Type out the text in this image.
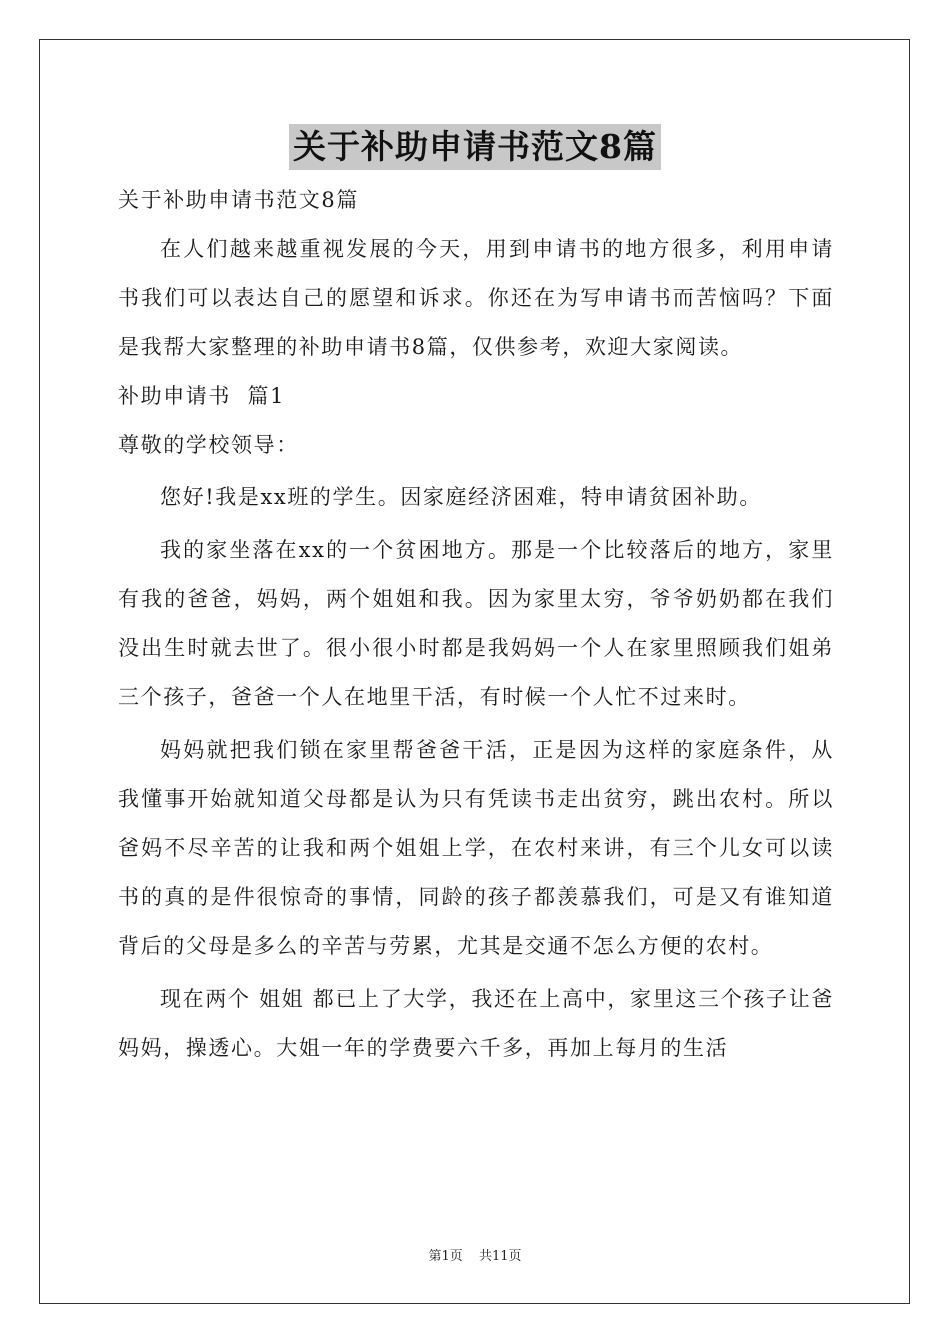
关于补助申请书范文8篇

关于补助申请书范文8篇

在人们越来越重视发展的今天，用到申请书的地方很多，利用申请书我们可以表达自己的愿望和诉求。你还在为写申请书而苦恼吗？下面是我帮大家整理的补助申请书8篇，仅供参考，欢迎大家阅读。

补助申请书  篇1

尊敬的学校领导：

您好!我是xx班的学生。因家庭经济困难，特申请贫困补助。

我的家坐落在xx的一个贫困地方。那是一个比较落后的地方，家里有我的爸爸，妈妈，两个姐姐和我。因为家里太穷，爷爷奶奶都在我们没出生时就去世了。很小很小时都是我妈妈一个人在家里照顾我们姐弟三个孩子，爸爸一个人在地里干活，有时候一个人忙不过来时。

妈妈就把我们锁在家里帮爸爸干活，正是因为这样的家庭条件，从我懂事开始就知道父母都是认为只有凭读书走出贫穷，跳出农村。所以爸妈不尽辛苦的让我和两个姐姐上学，在农村来讲，有三个儿女可以读书的真的是件很惊奇的事情，同龄的孩子都羡慕我们，可是又有谁知道背后的父母是多么的辛苦与劳累，尤其是交通不怎么方便的农村。

现在两个 姐姐 都已上了大学，我还在上高中，家里这三个孩子让爸妈妈，操透心。大姐一年的学费要六千多，再加上每月的生活

第1页 共11页
